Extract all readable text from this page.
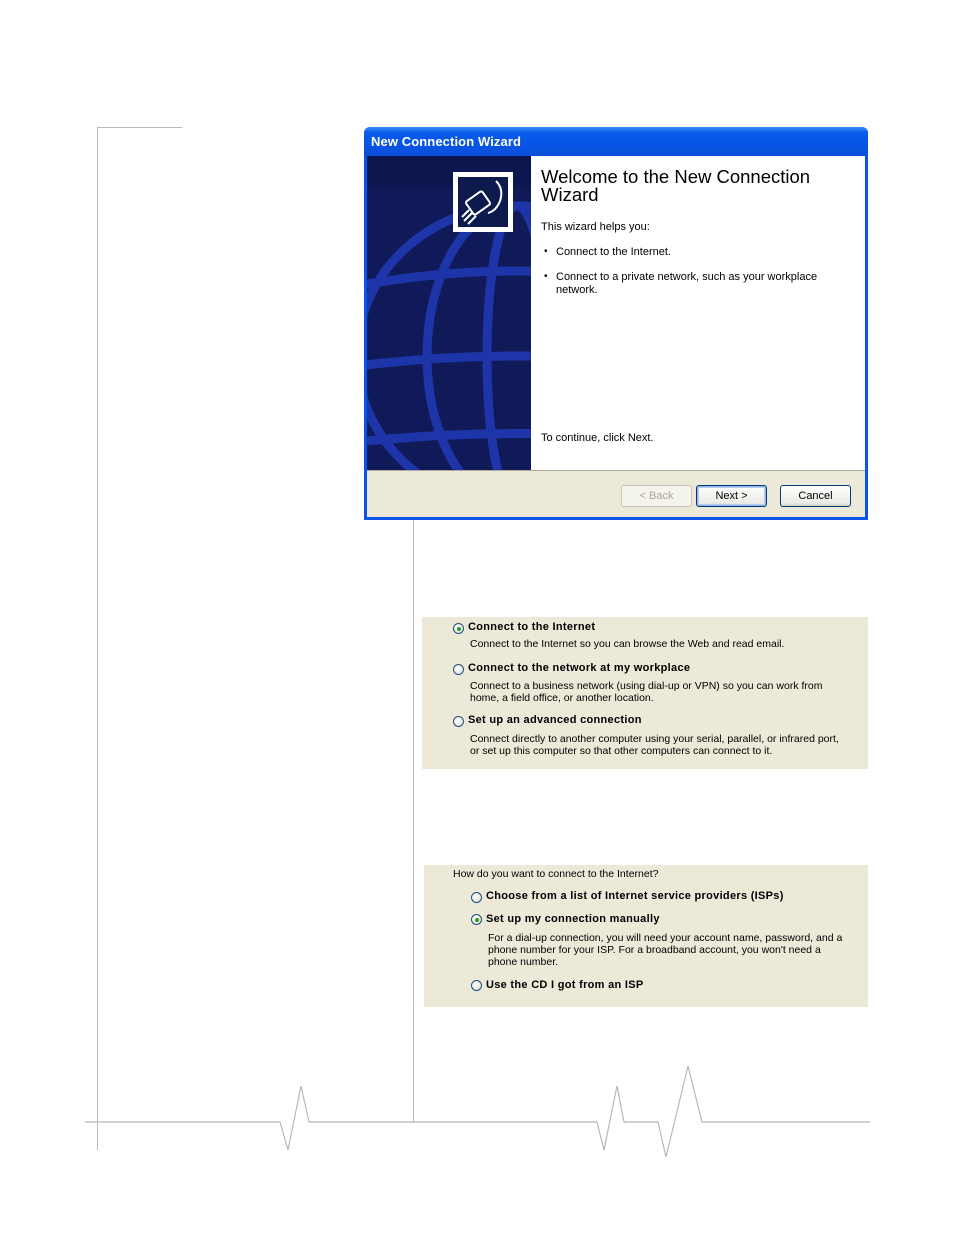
New Connection Wizard
Welcome to the New Connection Wizard
This wizard helps you:
• Connect to the Internet.
• Connect to a private network, such as your workplace network.
To continue, click Next.
< Back	Next >	Cancel
Connect to the Internet
Connect to the Internet so you can browse the Web and read email.
Connect to the network at my workplace
Connect to a business network (using dial-up or VPN) so you can work from home, a field office, or another location.
Set up an advanced connection
Connect directly to another computer using your serial, parallel, or infrared port, or set up this computer so that other computers can connect to it.
How do you want to connect to the Internet?
Choose from a list of Internet service providers (ISPs)
Set up my connection manually
For a dial-up connection, you will need your account name, password, and a phone number for your ISP. For a broadband account, you won't need a phone number.
Use the CD I got from an ISP
